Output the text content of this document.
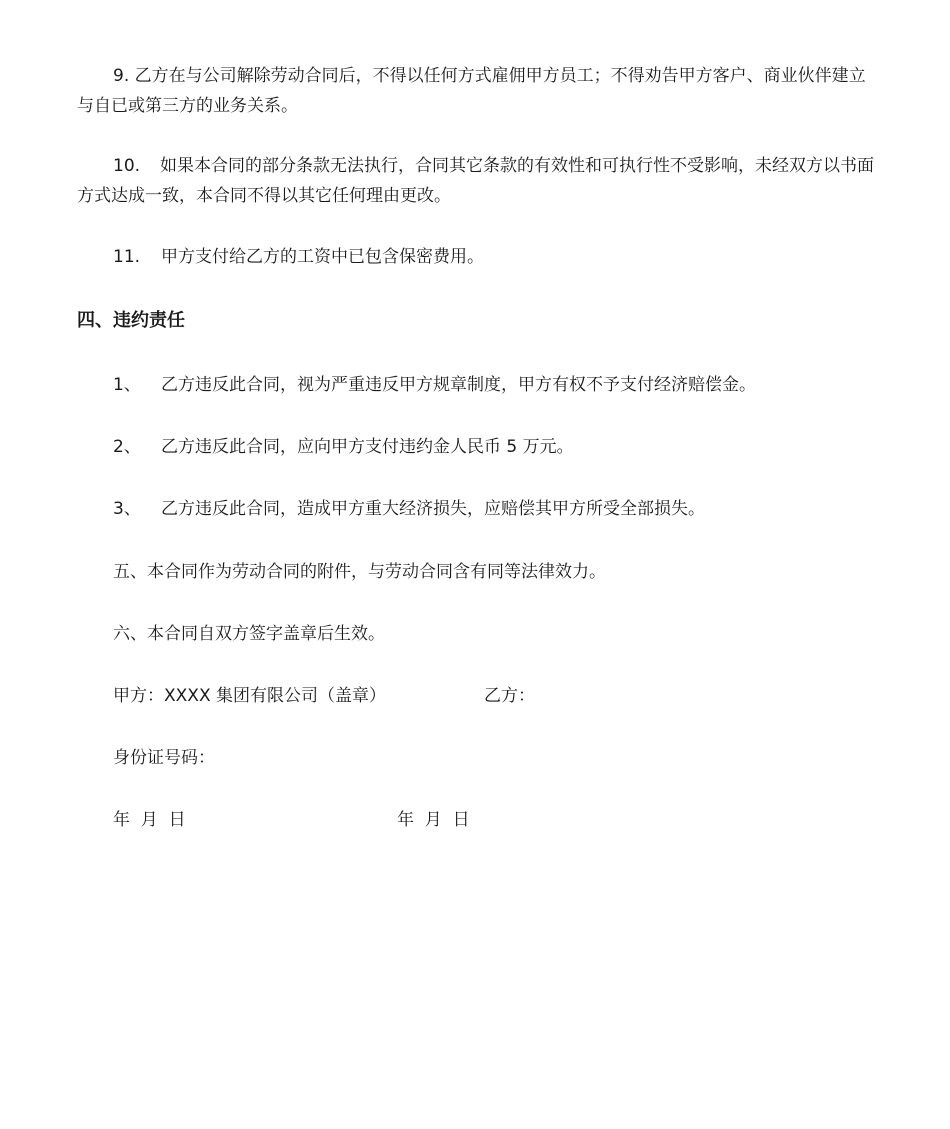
9. 乙方在与公司解除劳动合同后，不得以任何方式雇佣甲方员工；不得劝告甲方客户、商业伙伴建立与自已或第三方的业务关系。
10. 如果本合同的部分条款无法执行，合同其它条款的有效性和可执行性不受影响，未经双方以书面方式达成一致，本合同不得以其它任何理由更改。
11. 甲方支付给乙方的工资中已包含保密费用。
四、违约责任
1、 乙方违反此合同，视为严重违反甲方规章制度，甲方有权不予支付经济赔偿金。
2、 乙方违反此合同，应向甲方支付违约金人民币 5 万元。
3、 乙方违反此合同，造成甲方重大经济损失，应赔偿其甲方所受全部损失。
五、本合同作为劳动合同的附件，与劳动合同含有同等法律效力。
六、本合同自双方签字盖章后生效。
甲方：XXXX 集团有限公司（盖章）	乙方：
身份证号码：
年  月  日	年  月  日
